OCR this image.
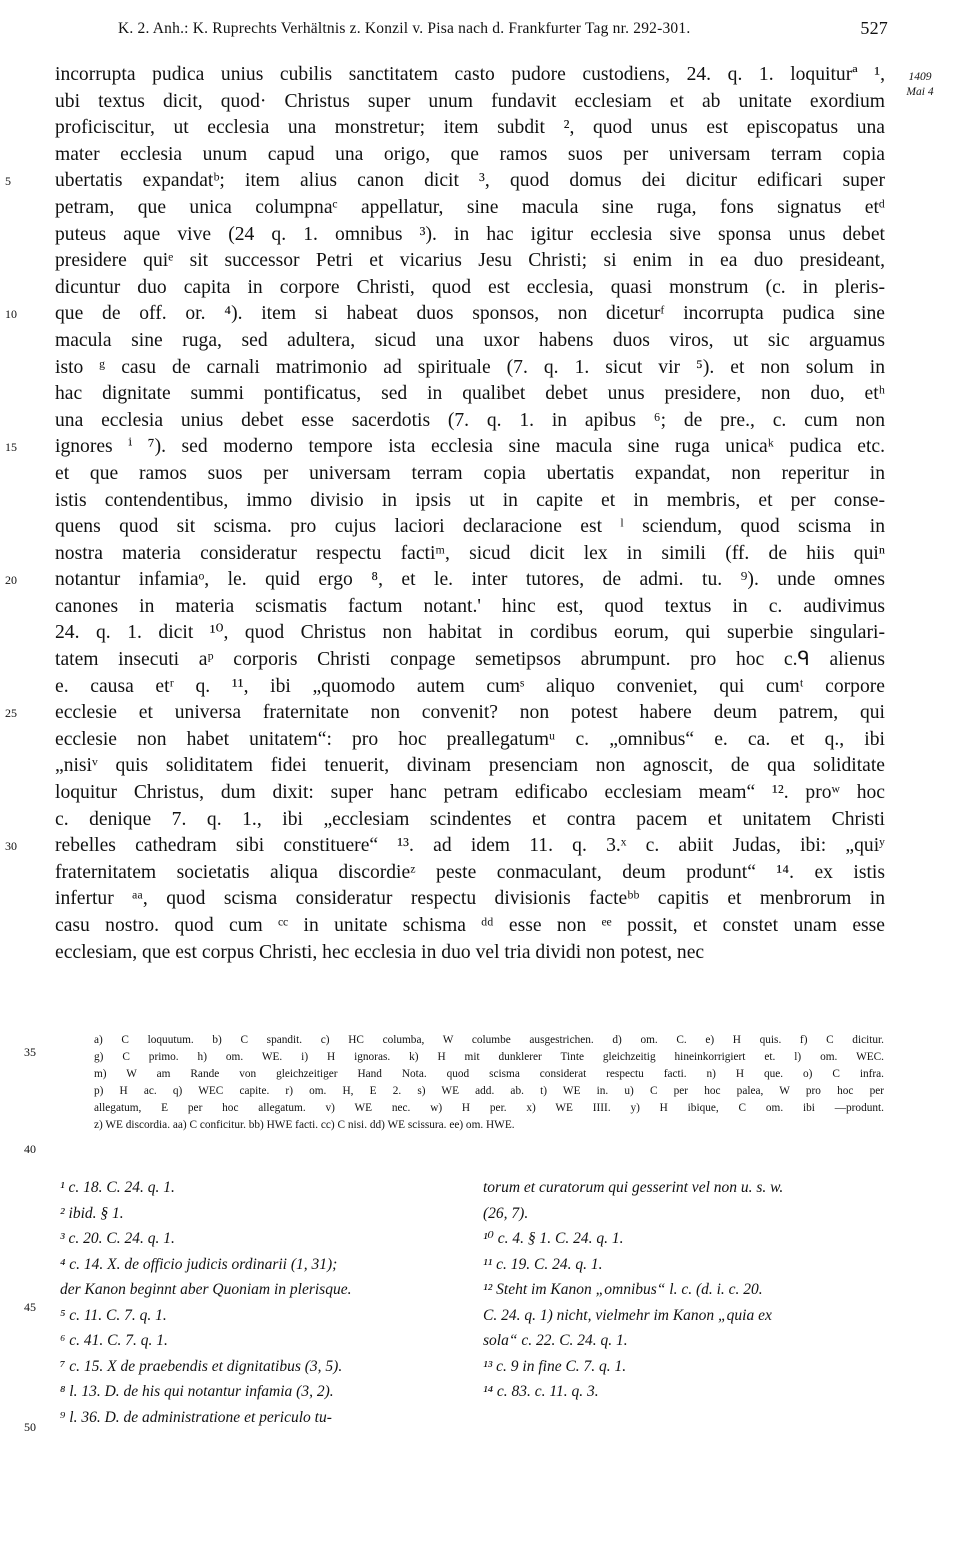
K. 2. Anh.: K. Ruprechts Verhältnis z. Konzil v. Pisa nach d. Frankfurter Tag nr. 292-301.	527
1409
Mai 4
incorrupta pudica unius cubilis sanctitatem casto pudore custodiens, 24. q. 1. loquiturª ¹,
ubi textus dicit, quod· Christus super unum fundavit ecclesiam et ab unitate exordium
proficiscitur, ut ecclesia una monstretur; item subdit ², quod unus est episcopatus una
mater ecclesia unum capud una origo, que ramos suos per universam terram copia
5	ubertatis expandatᵇ; item alius canon dicit ³, quod domus dei dicitur edificari super
petram, que unica columpnaᶜ appellatur, sine macula sine ruga, fons signatus etᵈ
puteus aque vive (24 q. 1. omnibus ³). in hac igitur ecclesia sive sponsa unus debet
presidere quiᵉ sit successor Petri et vicarius Jesu Christi; si enim in ea duo presideant,
dicuntur duo capita in corpore Christi, quod est ecclesia, quasi monstrum (c. in pleris-
10	que de off. or. ⁴). item si habeat duos sponsos, non diceturᶠ incorrupta pudica sine
macula sine ruga, sed adultera, sicud una uxor habens duos viros, ut sic arguamus
isto ᵍ casu de carnali matrimonio ad spirituale (7. q. 1. sicut vir ⁵). et non solum in
hac dignitate summi pontificatus, sed in qualibet debet unus presidere, non duo, etʰ
una ecclesia unius debet esse sacerdotis (7. q. 1. in apibus ⁶; de pre., c. cum non
15	ignores ⁱ ⁷). sed moderno tempore ista ecclesia sine macula sine ruga unicaᵏ pudica etc.
et que ramos suos per universam terram copia ubertatis expandat, non reperitur in
istis contendentibus, immo divisio in ipsis ut in capite et in membris, et per conse-
quens quod sit scisma. pro cujus laciori declaracione est ˡ sciendum, quod scisma in
nostra materia consideratur respectu factiᵐ, sicud dicit lex in simili (ff. de hiis quiⁿ
20	notantur infamiaᵒ, le. quid ergo ⁸, et le. inter tutores, de admi. tu. ⁹). unde omnes
canones in materia scismatis factum notant.' hinc est, quod textus in c. audivimus
24. q. 1. dicit ¹⁰, quod Christus non habitat in cordibus eorum, qui superbie singulari-
tatem insecuti aᵖ corporis Christi conpage semetipsos abrumpunt. pro hoc c.ᑫ alienus
e. causa etʳ q. ¹¹, ibi „quomodo autem cumˢ aliquo conveniet, qui cumᵗ corpore
25	ecclesie et universa fraternitate non convenit? non potest habere deum patrem, qui
ecclesie non habet unitatem“: pro hoc preallegatumᵘ c. „omnibus“ e. ca. et q., ibi
„nisiᵛ quis soliditatem fidei tenuerit, divinam presenciam non agnoscit, de qua soliditate
loquitur Christus, dum dixit: super hanc petram edificabo ecclesiam meam“ ¹². proʷ hoc
c. denique 7. q. 1., ibi „ecclesiam scindentes et contra pacem et unitatem Christi
30	rebelles cathedram sibi constituere“ ¹³. ad idem 11. q. 3.ˣ c. abiit Judas, ibi: „quiʸ
fraternitatem societatis aliqua discordieᶻ peste conmaculant, deum produnt“ ¹⁴. ex istis
infertur ᵃᵃ, quod scisma consideratur respectu divisionis facteᵇᵇ capitis et menbrorum in
casu nostro. quod cum ᶜᶜ in unitate schisma ᵈᵈ esse non ᵉᵉ possit, et constet unam esse
ecclesiam, que est corpus Christi, hec ecclesia in duo vel tria dividi non potest, nec
35
40
45
50
a) C loquutum. b) C spandit. c) HC columba, W columbe ausgestrichen. d) om. C. e) H quis. f) C dicitur.
g) C primo. h) om. WE. i) H ignoras. k) H mit dunklerer Tinte gleichzeitig hineinkorrigiert et. l) om. WEC.
m) W am Rande von gleichzeitiger Hand Nota. quod scisma considerat respectu facti. n) H que. o) C infra.
p) H ac. q) WEC capite. r) om. H, E 2. s) WE add. ab. t) WE in. u) C per hoc palea, W pro hoc per
allegatum, E per hoc allegatum. v) WE nec. w) H per. x) WE IIII. y) H ibique, C om. ibi —produnt.
z) WE discordia. aa) C conficitur. bb) HWE facti. cc) C nisi. dd) WE scissura. ee) om. HWE.
¹ c. 18. C. 24. q. 1.
² ibid. § 1.
³ c. 20. C. 24. q. 1.
⁴ c. 14. X. de officio judicis ordinarii (1, 31);
der Kanon beginnt aber Quoniam in plerisque.
⁵ c. 11. C. 7. q. 1.
⁶ c. 41. C. 7. q. 1.
⁷ c. 15. X de praebendis et dignitatibus (3, 5).
⁸ l. 13. D. de his qui notantur infamia (3, 2).
⁹ l. 36. D. de administratione et periculo tu-
torum et curatorum qui gesserint vel non u. s. w.
(26, 7).
¹⁰ c. 4. § 1. C. 24. q. 1.
¹¹ c. 19. C. 24. q. 1.
¹² Steht im Kanon „omnibus“ l. c. (d. i. c. 20.
C. 24. q. 1) nicht, vielmehr im Kanon „quia ex
sola“ c. 22. C. 24. q. 1.
¹³ c. 9 in fine C. 7. q. 1.
¹⁴ c. 83. c. 11. q. 3.
